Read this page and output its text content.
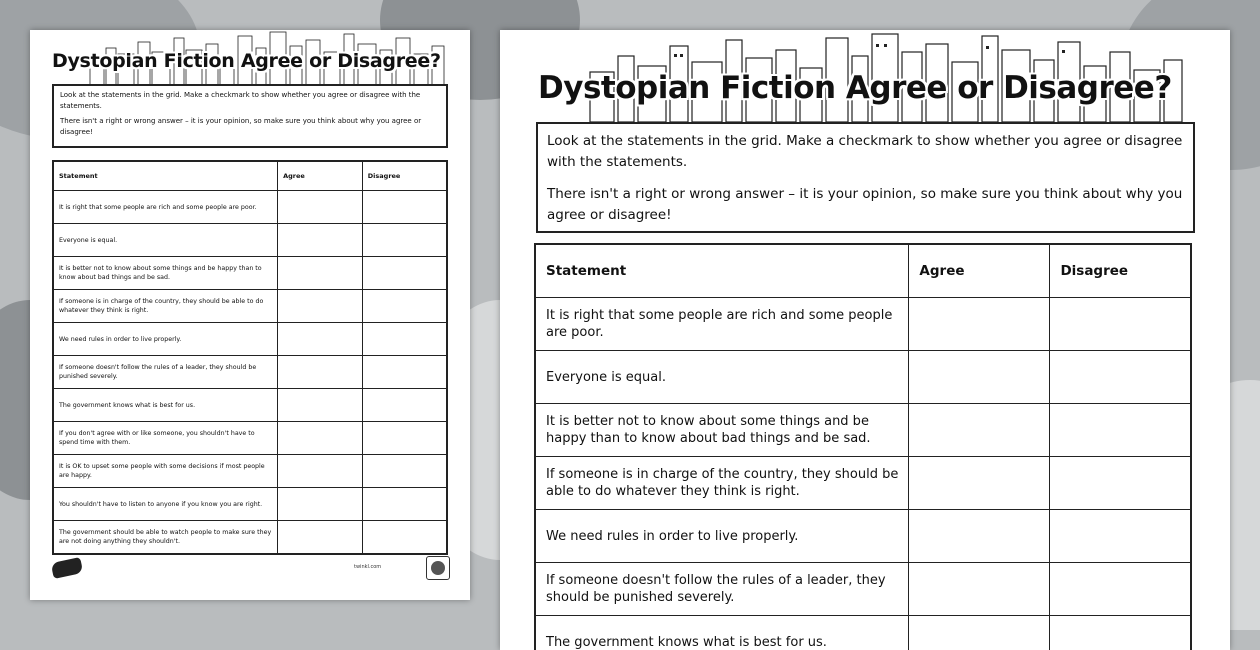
Dystopian Fiction Agree or Disagree?

Look at the statements in the grid. Make a checkmark to show whether you agree or disagree with the statements.

There isn't a right or wrong answer – it is your opinion, so make sure you think about why you agree or disagree!

Statement	Agree	Disagree
It is right that some people are rich and some people are poor.		
Everyone is equal.		
It is better not to know about some things and be happy than to know about bad things and be sad.		
If someone is in charge of the country, they should be able to do whatever they think is right.		
We need rules in order to live properly.		
If someone doesn't follow the rules of a leader, they should be punished severely.		
The government knows what is best for us.		
If you don't agree with or like someone, you shouldn't have to spend time with them.		
It is OK to upset some people with some decisions if most people are happy.		
You shouldn't have to listen to anyone if you know you are right.		
The government should be able to watch people to make sure they are not doing anything they shouldn't.		
twinkl.com
Dystopian Fiction Agree or Disagree?

Look at the statements in the grid. Make a checkmark to show whether you agree or disagree with the statements.

There isn't a right or wrong answer – it is your opinion, so make sure you think about why you agree or disagree!

Statement	Agree	Disagree
It is right that some people are rich and some people are poor.		
Everyone is equal.		
It is better not to know about some things and be happy than to know about bad things and be sad.		
If someone is in charge of the country, they should be able to do whatever they think is right.		
We need rules in order to live properly.		
If someone doesn't follow the rules of a leader, they should be punished severely.		
The government knows what is best for us.		
